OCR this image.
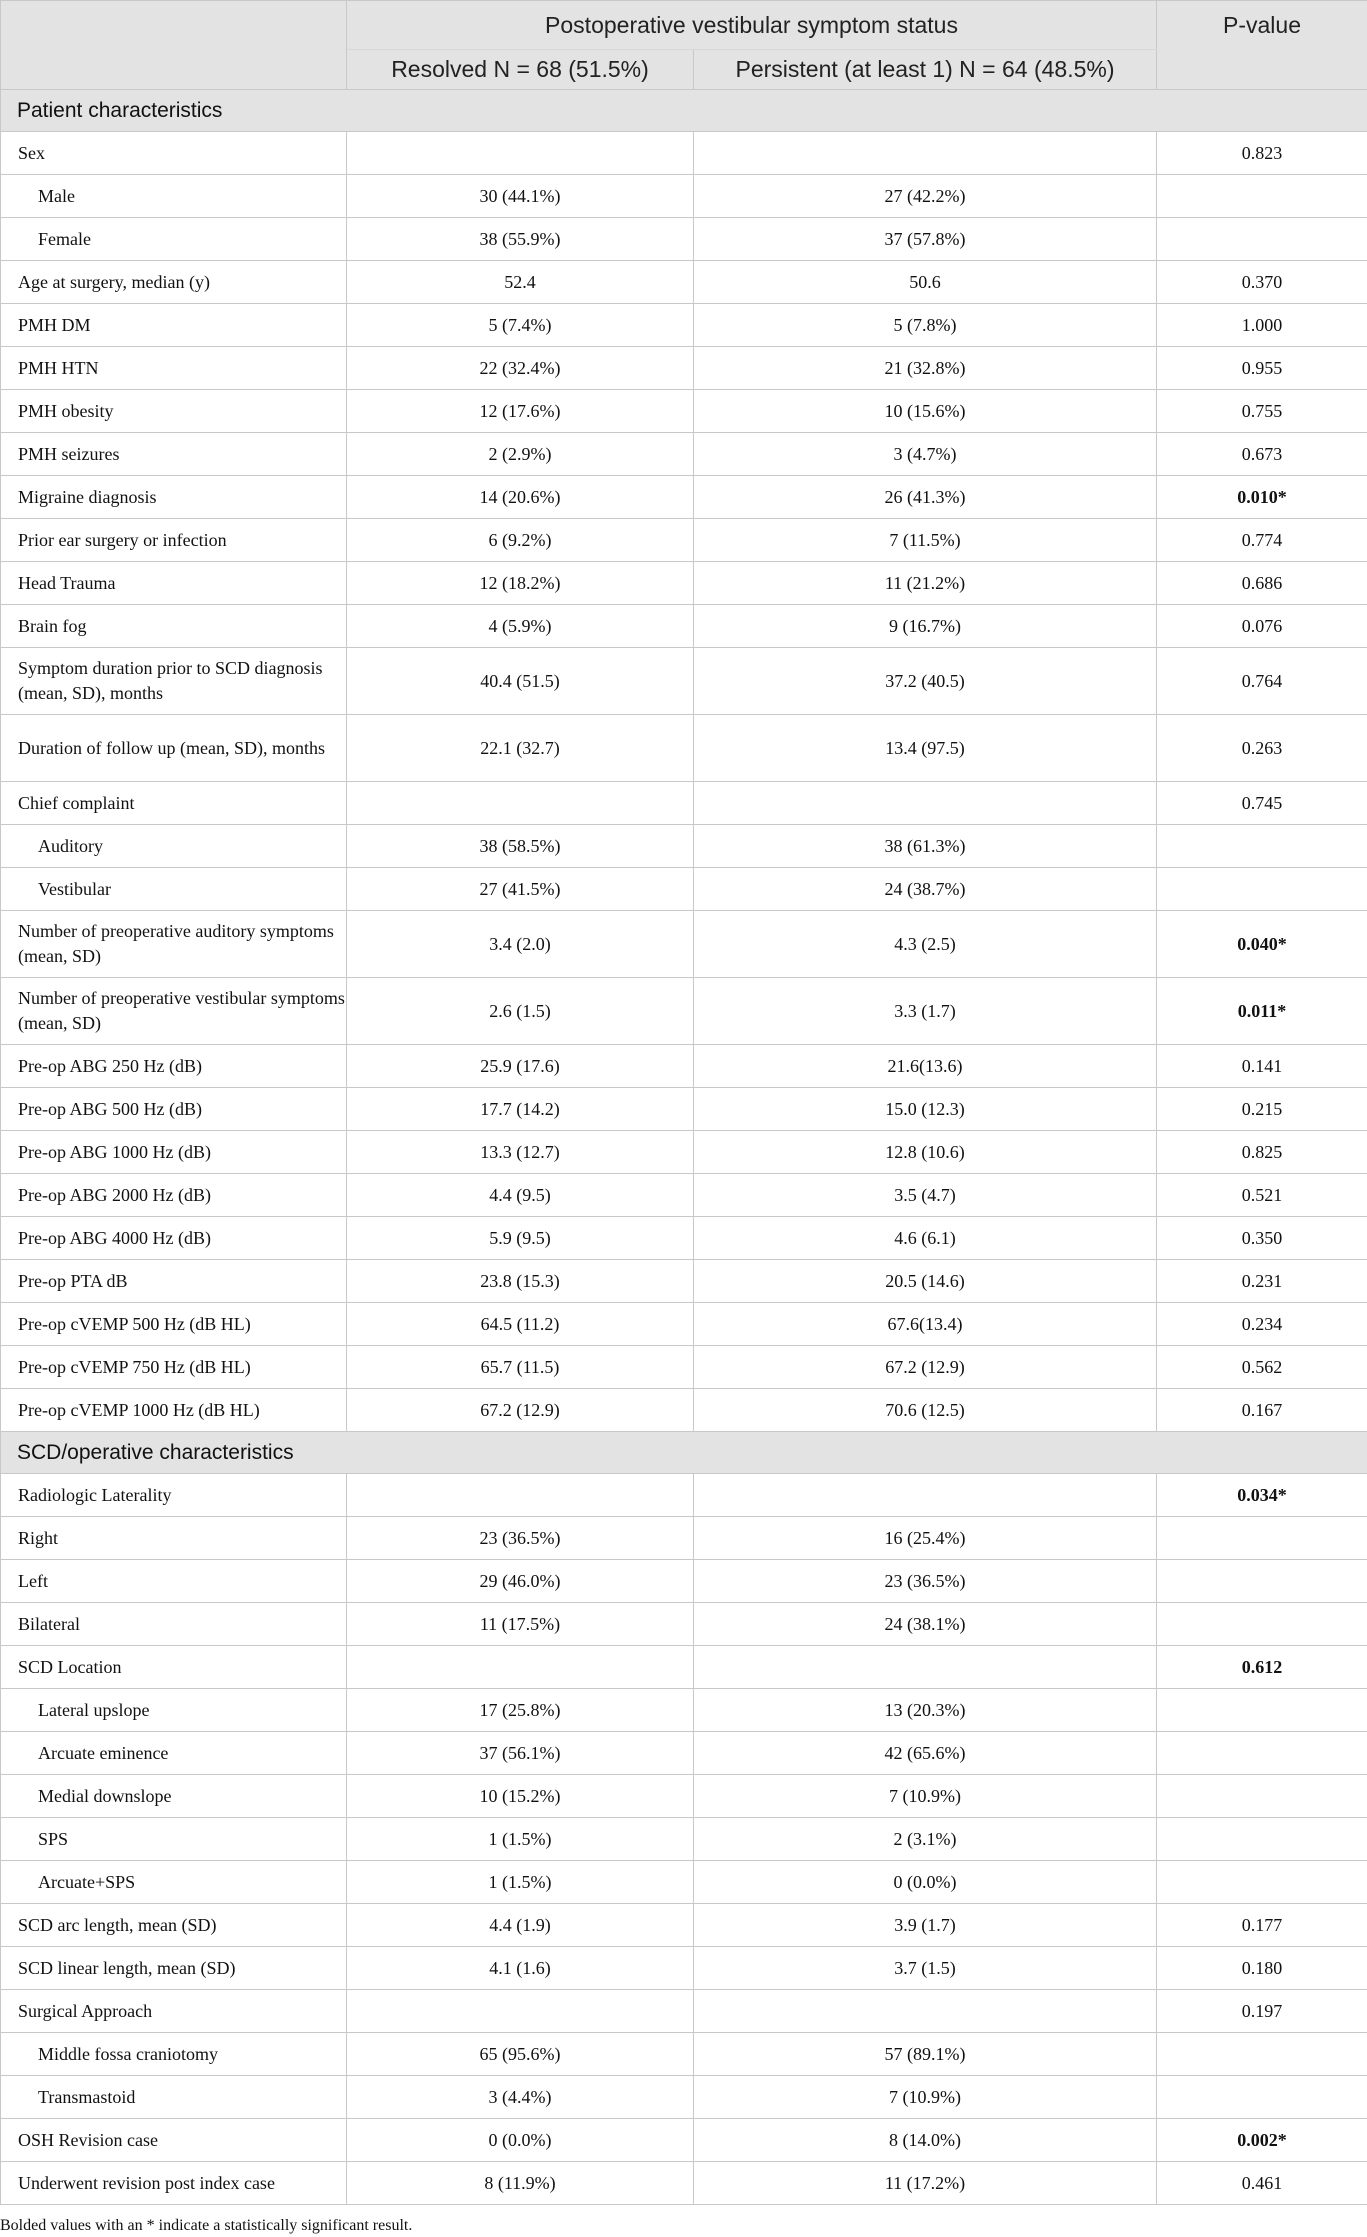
	Postoperative vestibular symptom status		P-value
	Resolved N = 68 (51.5%)	Persistent (at least 1) N = 64 (48.5%)	
Patient characteristics			
Sex			0.823
Male	30 (44.1%)	27 (42.2%)	
Female	38 (55.9%)	37 (57.8%)	
Age at surgery, median (y)	52.4	50.6	0.370
PMH DM	5 (7.4%)	5 (7.8%)	1.000
PMH HTN	22 (32.4%)	21 (32.8%)	0.955
PMH obesity	12 (17.6%)	10 (15.6%)	0.755
PMH seizures	2 (2.9%)	3 (4.7%)	0.673
Migraine diagnosis	14 (20.6%)	26 (41.3%)	0.010*
Prior ear surgery or infection	6 (9.2%)	7 (11.5%)	0.774
Head Trauma	12 (18.2%)	11 (21.2%)	0.686
Brain fog	4 (5.9%)	9 (16.7%)	0.076
Symptom duration prior to SCD diagnosis (mean, SD), months	40.4 (51.5)	37.2 (40.5)	0.764
Duration of follow up (mean, SD), months	22.1 (32.7)	13.4 (97.5)	0.263
Chief complaint			0.745
Auditory	38 (58.5%)	38 (61.3%)	
Vestibular	27 (41.5%)	24 (38.7%)	
Number of preoperative auditory symptoms (mean, SD)	3.4 (2.0)	4.3 (2.5)	0.040*
Number of preoperative vestibular symptoms (mean, SD)	2.6 (1.5)	3.3 (1.7)	0.011*
Pre-op ABG 250 Hz (dB)	25.9 (17.6)	21.6(13.6)	0.141
Pre-op ABG 500 Hz (dB)	17.7 (14.2)	15.0 (12.3)	0.215
Pre-op ABG 1000 Hz (dB)	13.3 (12.7)	12.8 (10.6)	0.825
Pre-op ABG 2000 Hz (dB)	4.4 (9.5)	3.5 (4.7)	0.521
Pre-op ABG 4000 Hz (dB)	5.9 (9.5)	4.6 (6.1)	0.350
Pre-op PTA dB	23.8 (15.3)	20.5 (14.6)	0.231
Pre-op cVEMP 500 Hz (dB HL)	64.5 (11.2)	67.6(13.4)	0.234
Pre-op cVEMP 750 Hz (dB HL)	65.7 (11.5)	67.2 (12.9)	0.562
Pre-op cVEMP 1000 Hz (dB HL)	67.2 (12.9)	70.6 (12.5)	0.167
SCD/operative characteristics			
Radiologic Laterality			0.034*
Right	23 (36.5%)	16 (25.4%)	
Left	29 (46.0%)	23 (36.5%)	
Bilateral	11 (17.5%)	24 (38.1%)	
SCD Location			0.612
Lateral upslope	17 (25.8%)	13 (20.3%)	
Arcuate eminence	37 (56.1%)	42 (65.6%)	
Medial downslope	10 (15.2%)	7 (10.9%)	
SPS	1 (1.5%)	2 (3.1%)	
Arcuate+SPS	1 (1.5%)	0 (0.0%)	
SCD arc length, mean (SD)	4.4 (1.9)	3.9 (1.7)	0.177
SCD linear length, mean (SD)	4.1 (1.6)	3.7 (1.5)	0.180
Surgical Approach			0.197
Middle fossa craniotomy	65 (95.6%)	57 (89.1%)	
Transmastoid	3 (4.4%)	7 (10.9%)	
OSH Revision case	0 (0.0%)	8 (14.0%)	0.002*
Underwent revision post index case	8 (11.9%)	11 (17.2%)	0.461
Bolded values with an * indicate a statistically significant result.
